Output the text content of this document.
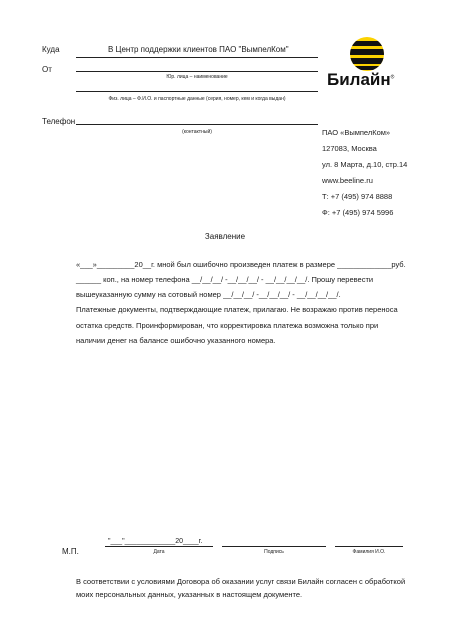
Куда	В Центр поддержки клиентов ПАО "ВымпелКом"
От
Юр. лица – наименование
Физ. лица – Ф.И.О. и паспортные данные (серия, номер, кем и когда выдан)
Телефон
(контактный)
Билайн®
ПАО «ВымпелКом»
127083, Москва
ул. 8 Марта, д.10, стр.14
www.beeline.ru
Т: +7 (495) 974 8888
Ф: +7 (495) 974 5996
Заявление
«___»_________20__г. мной был ошибочно произведен платеж в размере _____________руб.
______ коп., на номер телефона __/__/__/ -__/__/__/ - __/__/__/__/. Прошу перевести
вышеуказанную сумму на сотовый номер __/__/__/ -__/__/__/ - __/__/__/__/.
Платежные документы, подтверждающие платеж, прилагаю. Не возражаю против переноса остатка средств. Проинформирован, что корректировка платежа возможна только при наличии денег на балансе ошибочно указанного номера.
"___"_____________20____г.
М.П.	Дата	Подпись	Фамилия И.О.
В соответствии с условиями Договора об оказании услуг связи Билайн согласен с обработкой моих персональных данных, указанных в настоящем документе.
